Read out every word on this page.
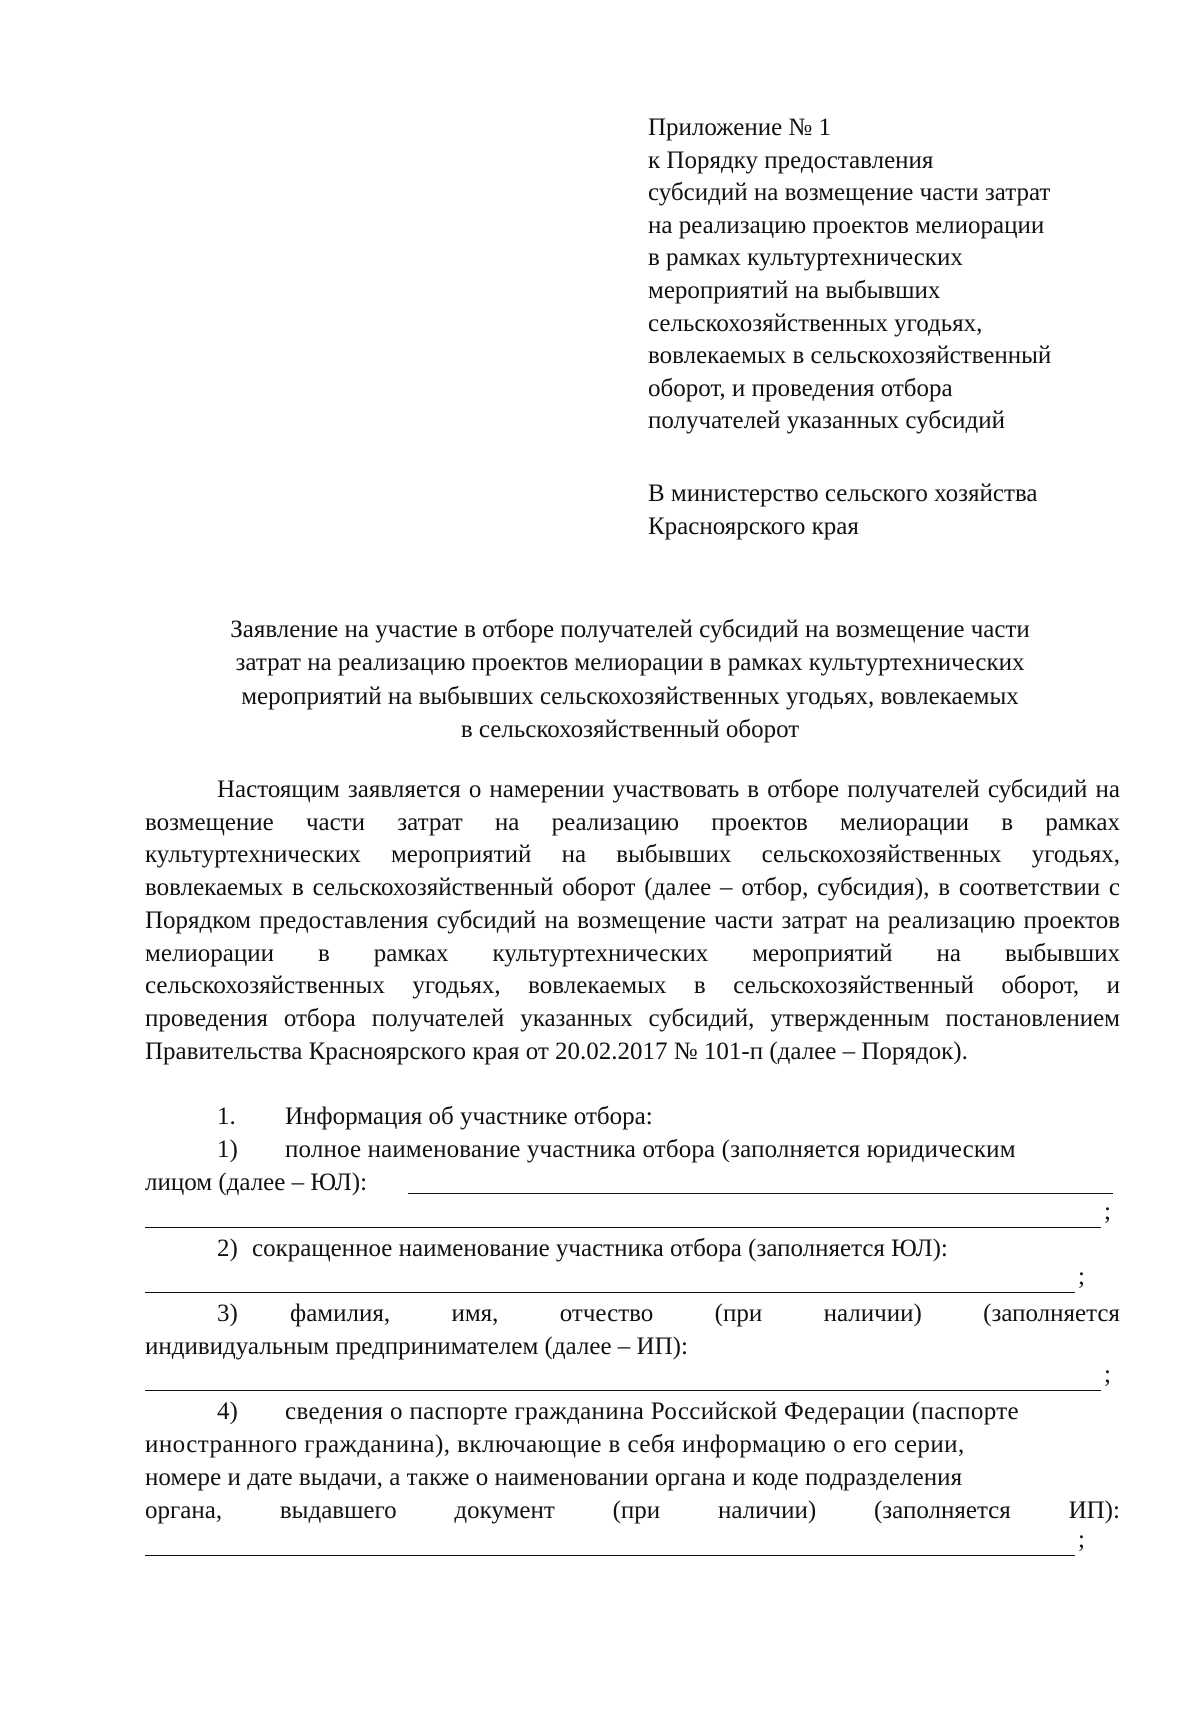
Приложение № 1
к Порядку предоставления
субсидий на возмещение части затрат
на реализацию проектов мелиорации
в рамках культуртехнических
мероприятий на выбывших
сельскохозяйственных угодьях,
вовлекаемых в сельскохозяйственный
оборот, и проведения отбора
получателей указанных субсидий
В министерство сельского хозяйства
Красноярского края
Заявление на участие в отборе получателей субсидий на возмещение части
затрат на реализацию проектов мелиорации в рамках культуртехнических
мероприятий на выбывших сельскохозяйственных угодьях, вовлекаемых
в сельскохозяйственный оборот

Настоящим заявляется о намерении участвовать в отборе получателей субсидий на возмещение части затрат на реализацию проектов мелиорации в рамках культуртехнических мероприятий на выбывших сельскохозяйственных угодьях, вовлекаемых в сельскохозяйственный оборот (далее – отбор, субсидия), в соответствии с Порядком предоставления субсидий на возмещение части затрат на реализацию проектов мелиорации в рамках культуртехнических мероприятий на выбывших сельскохозяйственных угодьях, вовлекаемых в сельскохозяйственный оборот, и проведения отбора получателей указанных субсидий, утвержденным постановлением Правительства Красноярского края от 20.02.2017 № 101-п (далее – Порядок).

1. Информация об участнике отбора:
1) полное наименование участника отбора (заполняется юридическим
лицом (далее – ЮЛ):
;
2) сокращенное наименование участника отбора (заполняется ЮЛ):
;
3) фамилия, имя, отчество (при наличии) (заполняется
индивидуальным предпринимателем (далее – ИП):
;
4) сведения о паспорте гражданина Российской Федерации (паспорте
иностранного гражданина), включающие в себя информацию о его серии,
номере и дате выдачи, а также о наименовании органа и коде подразделения
органа, выдавшего документ (при наличии) (заполняется ИП):
;
